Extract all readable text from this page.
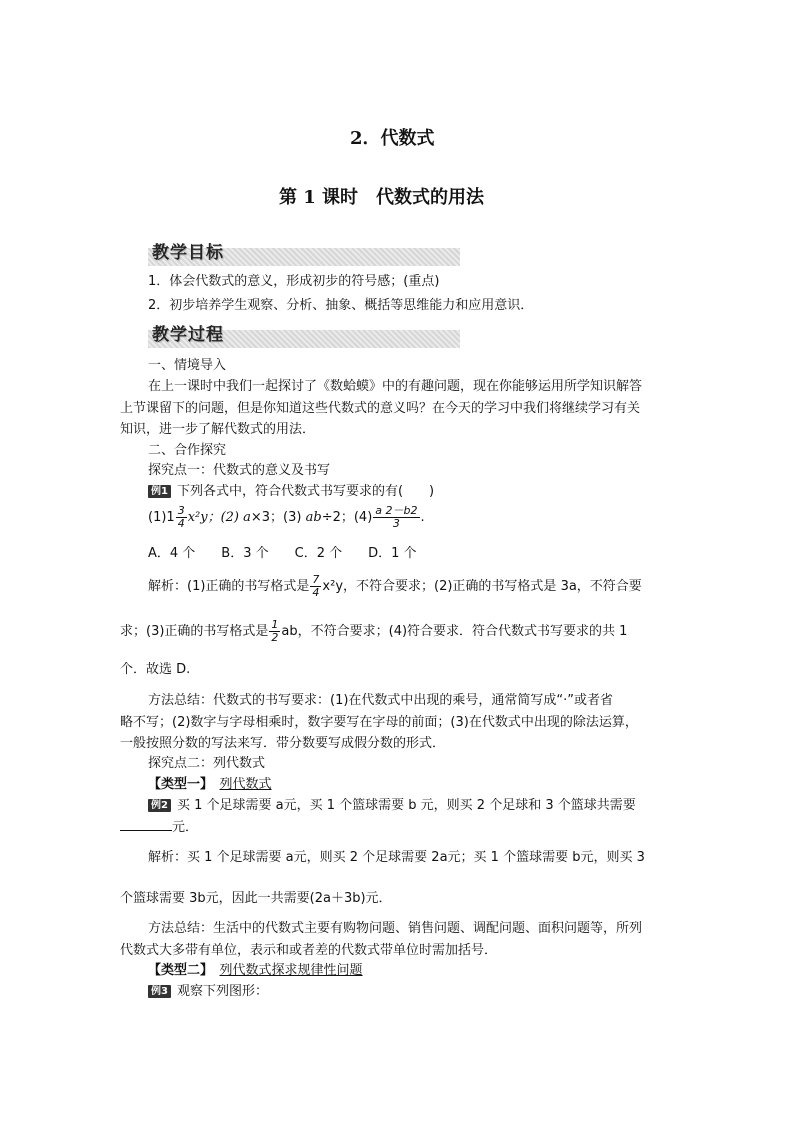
2．代数式
第 1 课时　代数式的用法
教学目标
1．体会代数式的意义，形成初步的符号感；(重点)
2．初步培养学生观察、分析、抽象、概括等思维能力和应用意识．
教学过程
一、情境导入
在上一课时中我们一起探讨了《数蛤蟆》中的有趣问题，现在你能够运用所学知识解答
上节课留下的问题，但是你知道这些代数式的意义吗？在今天的学习中我们将继续学习有关
知识，进一步了解代数式的用法．
二、合作探究
探究点一：代数式的意义及书写
例1 下列各式中，符合代数式书写要求的有(　　)
$(1)1 \frac{3}{4} x^2y$；(2) a×3；(3) ab÷2；$(4) \frac{a 2-b2}{3}$ .
A．4 个　　B．3 个　　C．2 个　　D．1 个
解析：(1)正确的书写格式是 $\frac{7}{4} x^2y$，不符合要求；(2)正确的书写格式是 3a，不符合要
求；(3)正确的书写格式是 $\frac{1}{2}$ ab，不符合要求；(4)符合要求．符合代数式书写要求的共 1
个．故选 D.
方法总结：代数式的书写要求：(1)在代数式中出现的乘号，通常简写成“·”或者省
略不写；(2)数字与字母相乘时，数字要写在字母的前面；(3)在代数式中出现的除法运算，
一般按照分数的写法来写．带分数要写成假分数的形式．
探究点二：列代数式
【类型一】　 列代数式
例2 买 1 个足球需要 a元，买 1 个篮球需要 b 元，则买 2 个足球和 3 个篮球共需要
元．
解析：买 1 个足球需要 a元，则买 2 个足球需要 2a元；买 1 个篮球需要 b元，则买 3
个篮球需要 3b元，因此一共需要(2a＋3b)元．
方法总结：生活中的代数式主要有购物问题、销售问题、调配问题、面积问题等，所列
代数式大多带有单位，表示和或者差的代数式带单位时需加括号．
【类型二】　 列代数式探求规律性问题
例3 观察下列图形：
